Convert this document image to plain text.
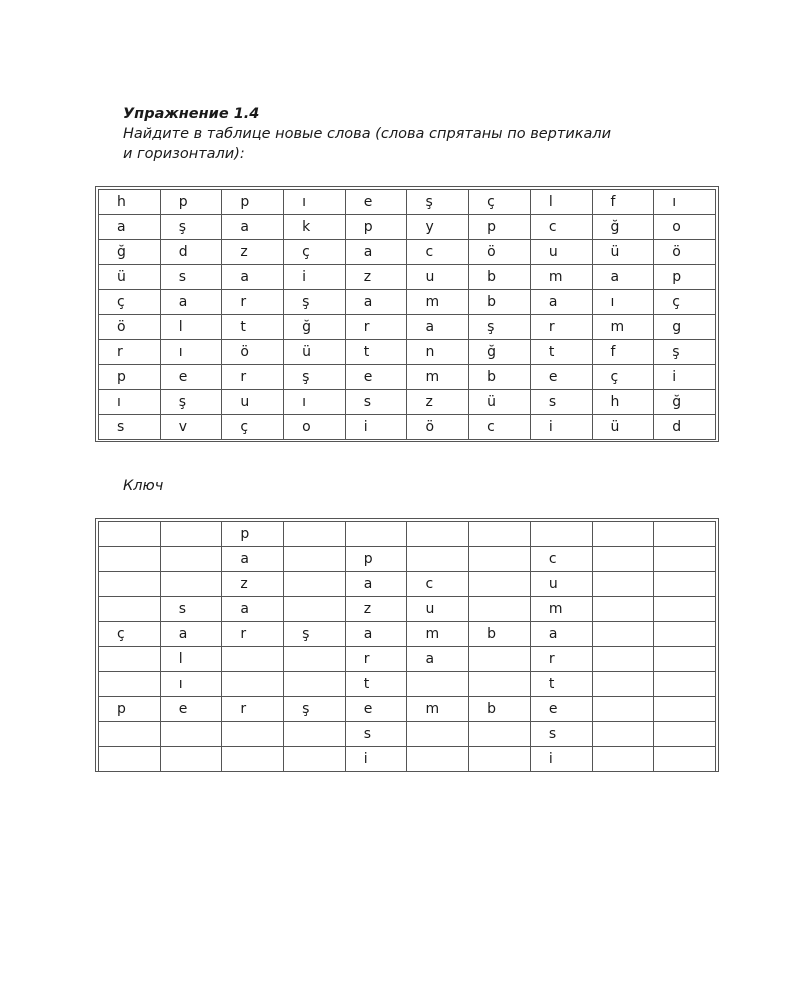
Упражнение 1.4
Найдите в таблице новые слова (слова спрятаны по вертикали
и горизонтали):
h	p	p	ı	e	ş	ç	l	f	ı
a	ş	a	k	p	y	p	c	ğ	o
ğ	d	z	ç	a	c	ö	u	ü	ö
ü	s	a	i	z	u	b	m	a	p
ç	a	r	ş	a	m	b	a	ı	ç
ö	l	t	ğ	r	a	ş	r	m	g
r	ı	ö	ü	t	n	ğ	t	f	ş
p	e	r	ş	e	m	b	e	ç	i
ı	ş	u	ı	s	z	ü	s	h	ğ
s	v	ç	o	i	ö	c	i	ü	d
Ключ
		p							
		a		p			c		
		z		a	c		u		
	s	a		z	u		m		
ç	a	r	ş	a	m	b	a		
	l			r	a		r		
	ı			t			t		
p	e	r	ş	e	m	b	e		
				s			s		
				i			i		
